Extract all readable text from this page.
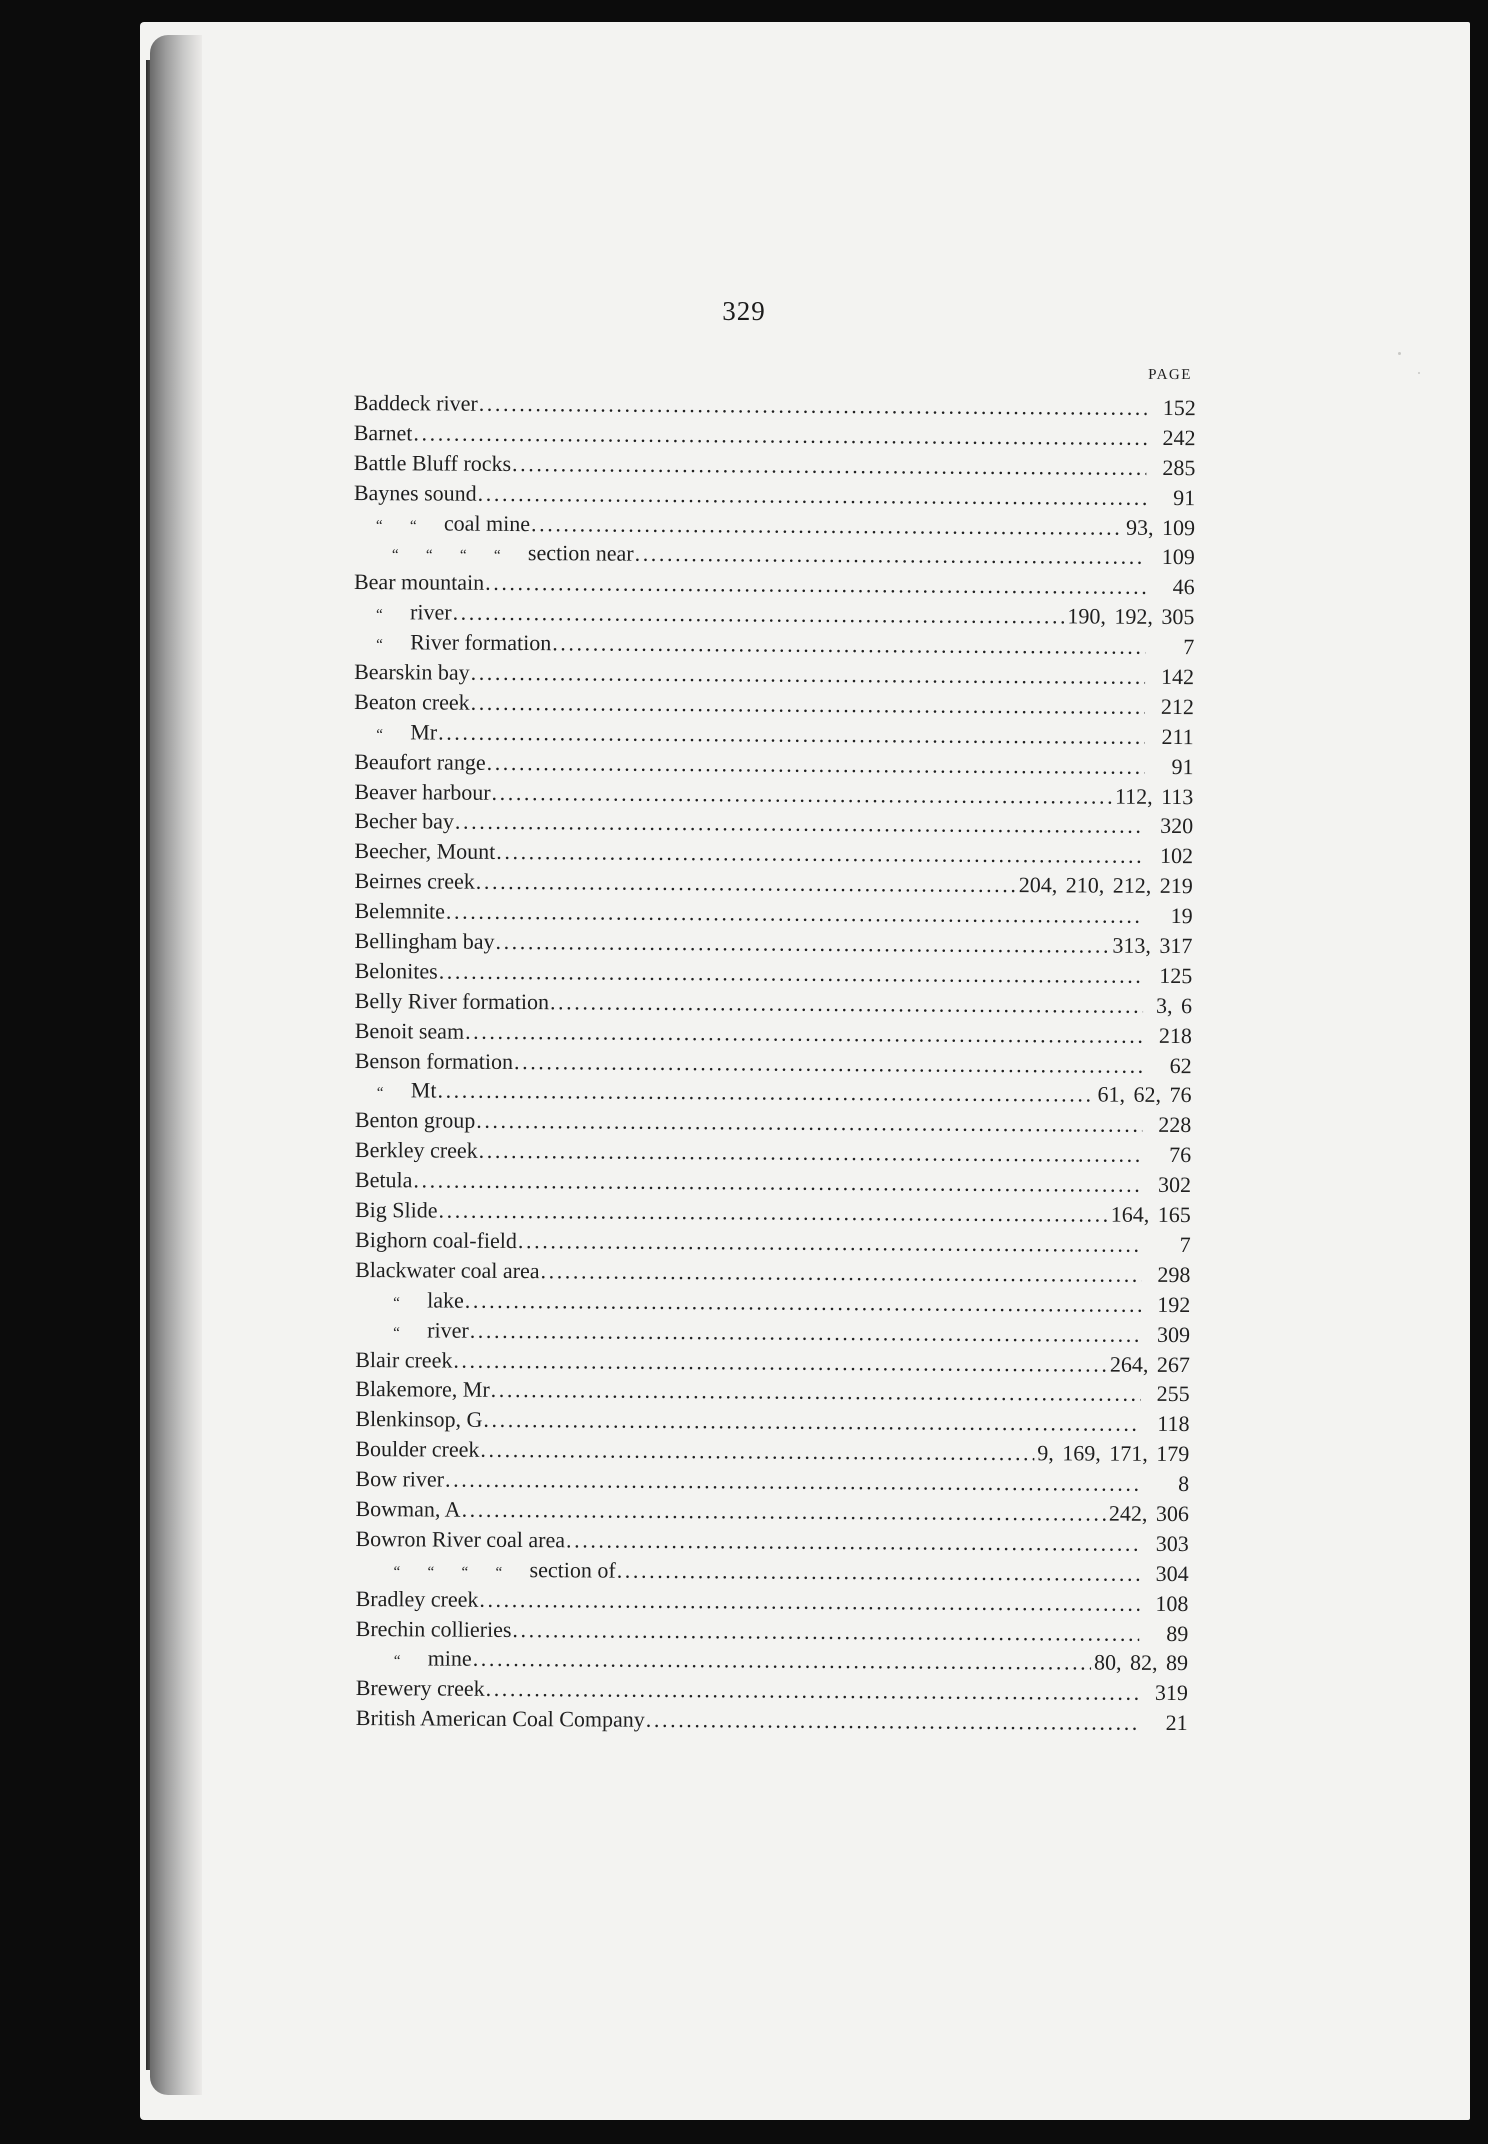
329
PAGE
Baddeck river .....	152
Barnet .....	242
Battle Bluff rocks .....	285
Baynes sound .....	91
“	“	coal mine .....	93, 109
“	“	“	“	section near .....	109
Bear mountain .....	46
“	river .....	190, 192, 305
“	River formation .....	7
Bearskin bay .....	142
Beaton creek .....	212
“	Mr .....	211
Beaufort range .....	91
Beaver harbour .....	112, 113
Becher bay .....	320
Beecher, Mount .....	102
Beirnes creek .....	204, 210, 212, 219
Belemnite .....	19
Bellingham bay .....	313, 317
Belonites .....	125
Belly River formation .....	3, 6
Benoit seam .....	218
Benson formation .....	62
“	Mt .....	61, 62, 76
Benton group .....	228
Berkley creek .....	76
Betula .....	302
Big Slide .....	164, 165
Bighorn coal-field .....	7
Blackwater coal area .....	298
“	lake .....	192
“	river .....	309
Blair creek .....	264, 267
Blakemore, Mr .....	255
Blenkinsop, G .....	118
Boulder creek .....	9, 169, 171, 179
Bow river .....	8
Bowman, A .....	242, 306
Bowron River coal area .....	303
“	“	“	“	section of .....	304
Bradley creek .....	108
Brechin collieries .....	89
“	mine .....	80, 82, 89
Brewery creek .....	319
British American Coal Company .....	21
